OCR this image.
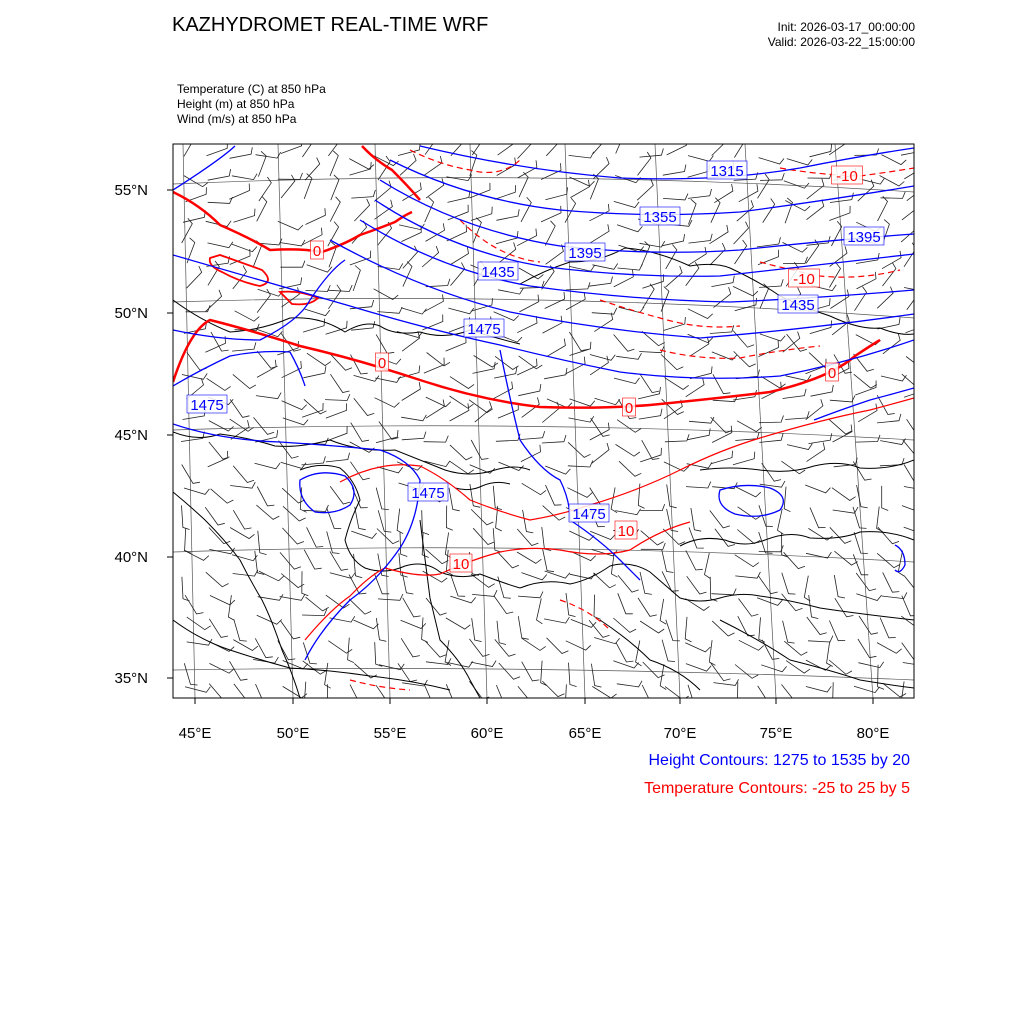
KAZHYDROMET REAL-TIME WRF	Init: 2026-03-17_00:00:00
Valid: 2026-03-22_15:00:00
Temperature (C) at 850 hPa
Height (m) at 850 hPa
Wind (m/s) at 850 hPa
1315
1355
1395
1395
1435
1435
1475
1475
1475
1475
-10
-10
0
0
0
0
10
10
55°N
50°N
45°N
40°N
35°N
45°E	50°E	55°E	60°E	65°E	70°E	75°E	80°E
Height Contours: 1275 to 1535 by 20
Temperature Contours: -25 to 25 by 5
